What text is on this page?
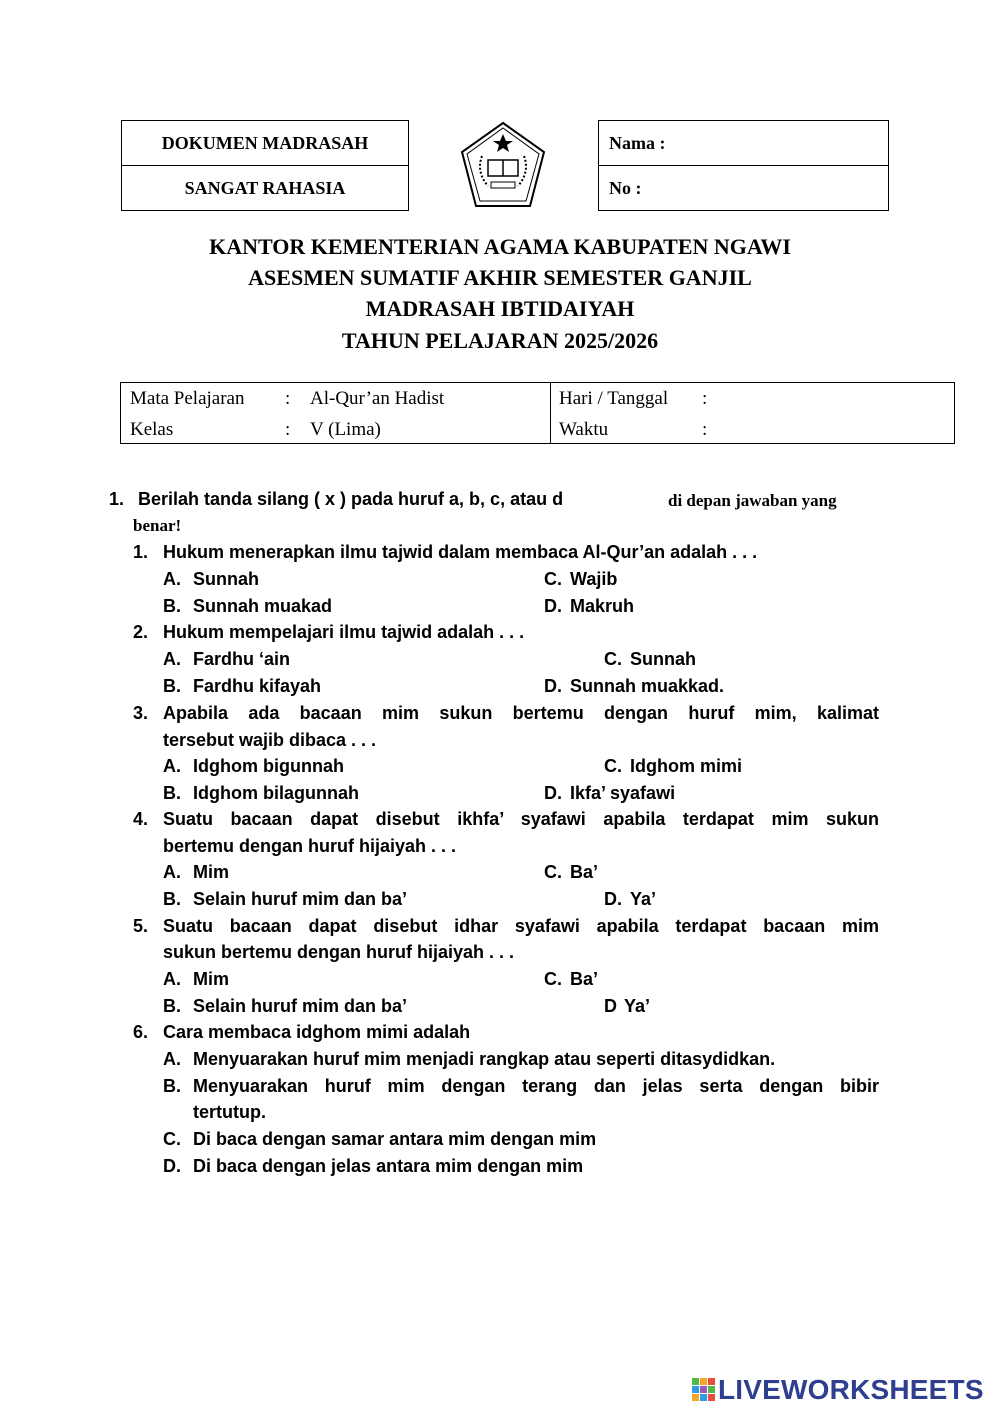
DOKUMEN MADRASAH
SANGAT RAHASIA
Nama :
No :
KANTOR KEMENTERIAN AGAMA KABUPATEN NGAWI
ASESMEN SUMATIF AKHIR SEMESTER GANJIL
MADRASAH IBTIDAIYAH
TAHUN PELAJARAN 2025/2026
Mata Pelajaran : Al-Qur’an Hadist
Kelas	: V (Lima)
Hari / Tanggal :
Waktu	:
1. Berilah tanda silang ( x ) pada huruf a, b, c, atau d	di depan jawaban yang
benar!
1. Hukum menerapkan ilmu tajwid dalam membaca Al-Qur’an adalah . . .
A. Sunnah	C. Wajib
B. Sunnah muakad	D. Makruh
2. Hukum mempelajari ilmu tajwid adalah . . .
A. Fardhu ‘ain	C. Sunnah
B. Fardhu kifayah	D. Sunnah muakkad.
3. Apabila ada bacaan mim sukun bertemu dengan huruf mim, kalimat
tersebut wajib dibaca . . .
A. Idghom bigunnah	C. Idghom mimi
B. Idghom bilagunnah	D. Ikfa’ syafawi
4. Suatu bacaan dapat disebut ikhfa’ syafawi apabila terdapat mim sukun
bertemu dengan huruf hijaiyah . . .
A. Mim	C. Ba’
B. Selain huruf mim dan ba’	D. Ya’
5. Suatu bacaan dapat disebut idhar syafawi apabila terdapat bacaan mim
sukun bertemu dengan huruf hijaiyah . . .
A. Mim	C. Ba’
B. Selain huruf mim dan ba’	D Ya’
6. Cara membaca idghom mimi adalah
A. Menyuarakan huruf mim menjadi rangkap atau seperti ditasydidkan.
B. Menyuarakan huruf mim dengan terang dan jelas serta dengan bibir
tertutup.
C. Di baca dengan samar antara mim dengan mim
D. Di baca dengan jelas antara mim dengan mim
LIVEWORKSHEETS
